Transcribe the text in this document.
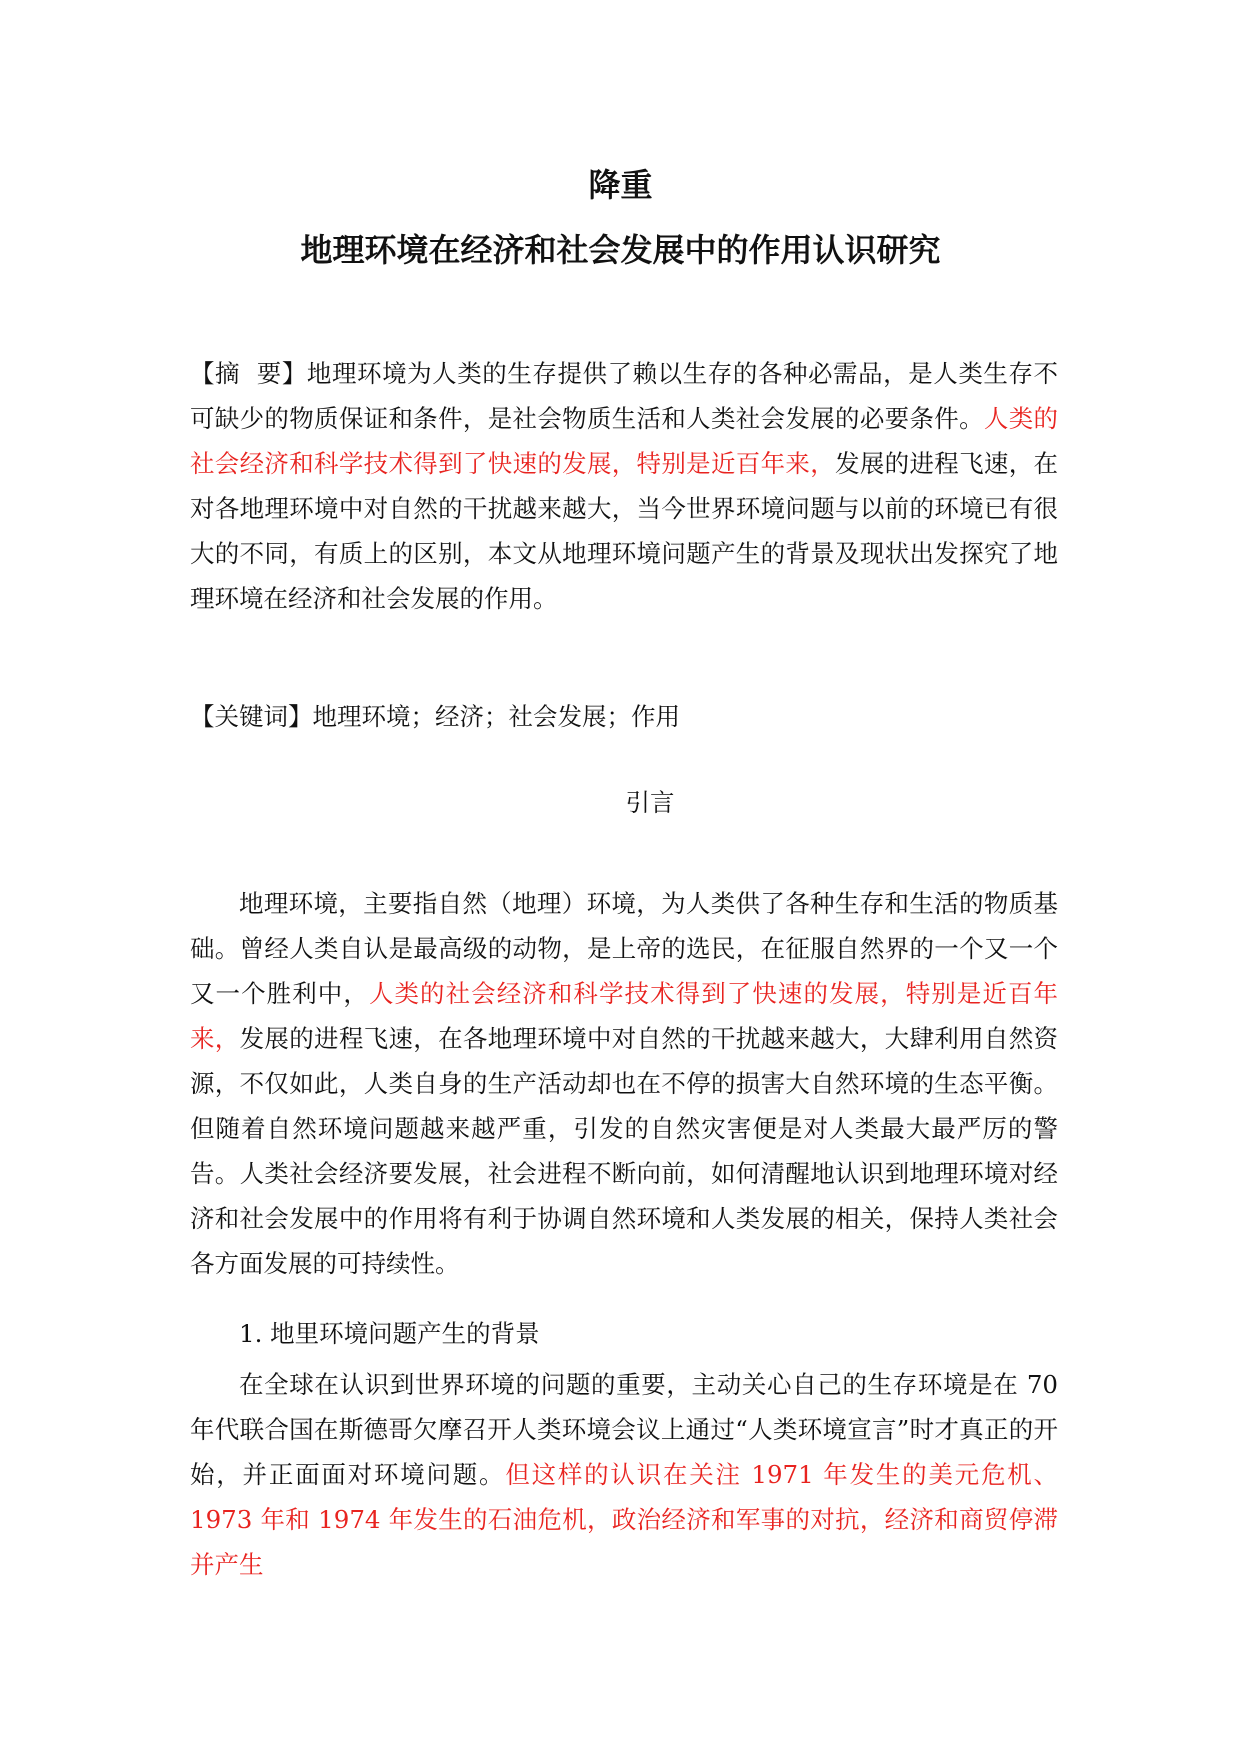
降重
地理环境在经济和社会发展中的作用认识研究

【摘  要】地理环境为人类的生存提供了赖以生存的各种必需品，是人类生存不可缺少的物质保证和条件，是社会物质生活和人类社会发展的必要条件。人类的社会经济和科学技术得到了快速的发展，特别是近百年来，发展的进程飞速，在对各地理环境中对自然的干扰越来越大，当今世界环境问题与以前的环境已有很大的不同，有质上的区别，本文从地理环境问题产生的背景及现状出发探究了地理环境在经济和社会发展的作用。

【关键词】地理环境；经济；社会发展；作用

引言

地理环境，主要指自然（地理）环境，为人类供了各种生存和生活的物质基础。曾经人类自认是最高级的动物，是上帝的选民，在征服自然界的一个又一个又一个胜利中，人类的社会经济和科学技术得到了快速的发展，特别是近百年来，发展的进程飞速，在各地理环境中对自然的干扰越来越大，大肆利用自然资源，不仅如此，人类自身的生产活动却也在不停的损害大自然环境的生态平衡。但随着自然环境问题越来越严重，引发的自然灾害便是对人类最大最严厉的警告。人类社会经济要发展，社会进程不断向前，如何清醒地认识到地理环境对经济和社会发展中的作用将有利于协调自然环境和人类发展的相关，保持人类社会各方面发展的可持续性。

1. 地里环境问题产生的背景

在全球在认识到世界环境的问题的重要，主动关心自己的生存环境是在 70 年代联合国在斯德哥欠摩召开人类环境会议上通过“人类环境宣言”时才真正的开始，并正面面对环境问题。但这样的认识在关注 1971 年发生的美元危机、1973 年和 1974 年发生的石油危机，政治经济和军事的对抗，经济和商贸停滞并产生
